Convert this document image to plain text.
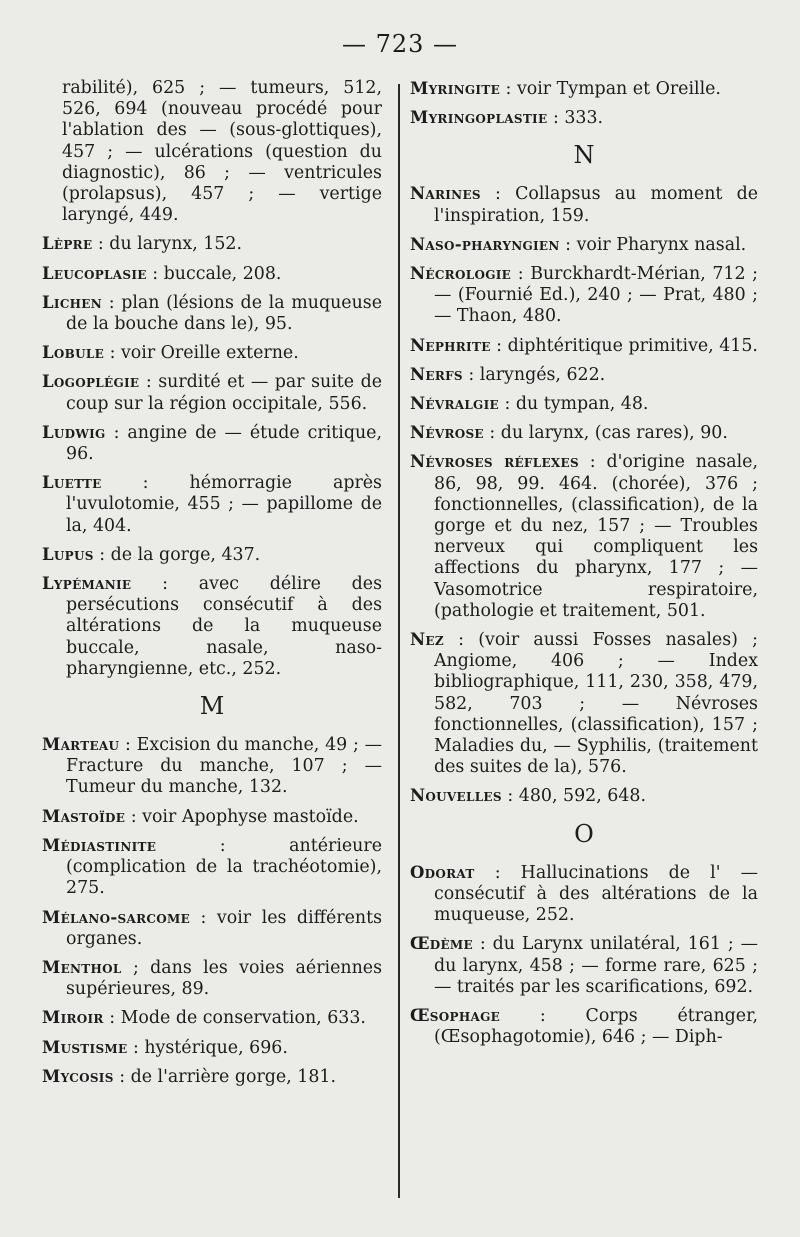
— 723 —

rabilité), 625 ; — tumeurs, 512, 526, 694 (nouveau procédé pour l'ablation des — (sous-glottiques), 457 ; — ulcérations (question du diagnostic), 86 ; — ventricules (prolapsus), 457 ; — vertige laryngé, 449.

Lèpre : du larynx, 152.

Leucoplasie : buccale, 208.

Lichen : plan (lésions de la muqueuse de la bouche dans le), 95.

Lobule : voir Oreille externe.

Logoplégie : surdité et — par suite de coup sur la région occipitale, 556.

Ludwig : angine de — étude critique, 96.

Luette : hémorragie après l'uvulotomie, 455 ; — papillome de la, 404.

Lupus : de la gorge, 437.

Lypémanie : avec délire des persécutions consécutif à des altérations de la muqueuse buccale, nasale, naso-pharyngienne, etc., 252.

M

Marteau : Excision du manche, 49 ; — Fracture du manche, 107 ; — Tumeur du manche, 132.

Mastoïde : voir Apophyse mastoïde.

Médiastinite : antérieure (complication de la trachéotomie), 275.

Mélano-sarcome : voir les différents organes.

Menthol ; dans les voies aériennes supérieures, 89.

Miroir : Mode de conservation, 633.

Mustisme : hystérique, 696.

Mycosis : de l'arrière gorge, 181.

Myringite : voir Tympan et Oreille.

Myringoplastie : 333.

N

Narines : Collapsus au moment de l'inspiration, 159.

Naso-pharyngien : voir Pharynx nasal.

Nécrologie : Burckhardt-Mérian, 712 ; — (Fournié Ed.), 240 ; — Prat, 480 ; — Thaon, 480.

Nephrite : diphtéritique primitive, 415.

Nerfs : laryngés, 622.

Névralgie : du tympan, 48.

Névrose : du larynx, (cas rares), 90.

Névroses réflexes : d'origine nasale, 86, 98, 99. 464. (chorée), 376 ; fonctionnelles, (classification), de la gorge et du nez, 157 ; — Troubles nerveux qui compliquent les affections du pharynx, 177 ; — Vasomotrice respiratoire, (pathologie et traitement, 501.

Nez : (voir aussi Fosses nasales) ; Angiome, 406 ; — Index bibliographique, 111, 230, 358, 479, 582, 703 ; — Névroses fonctionnelles, (classification), 157 ; Maladies du, — Syphilis, (traitement des suites de la), 576.

Nouvelles : 480, 592, 648.

O

Odorat : Hallucinations de l' — consécutif à des altérations de la muqueuse, 252.

Œdème : du Larynx unilatéral, 161 ; — du larynx, 458 ; — forme rare, 625 ; — traités par les scarifications, 692.

Œsophage : Corps étranger, (Œsophagotomie), 646 ; — Diph-
